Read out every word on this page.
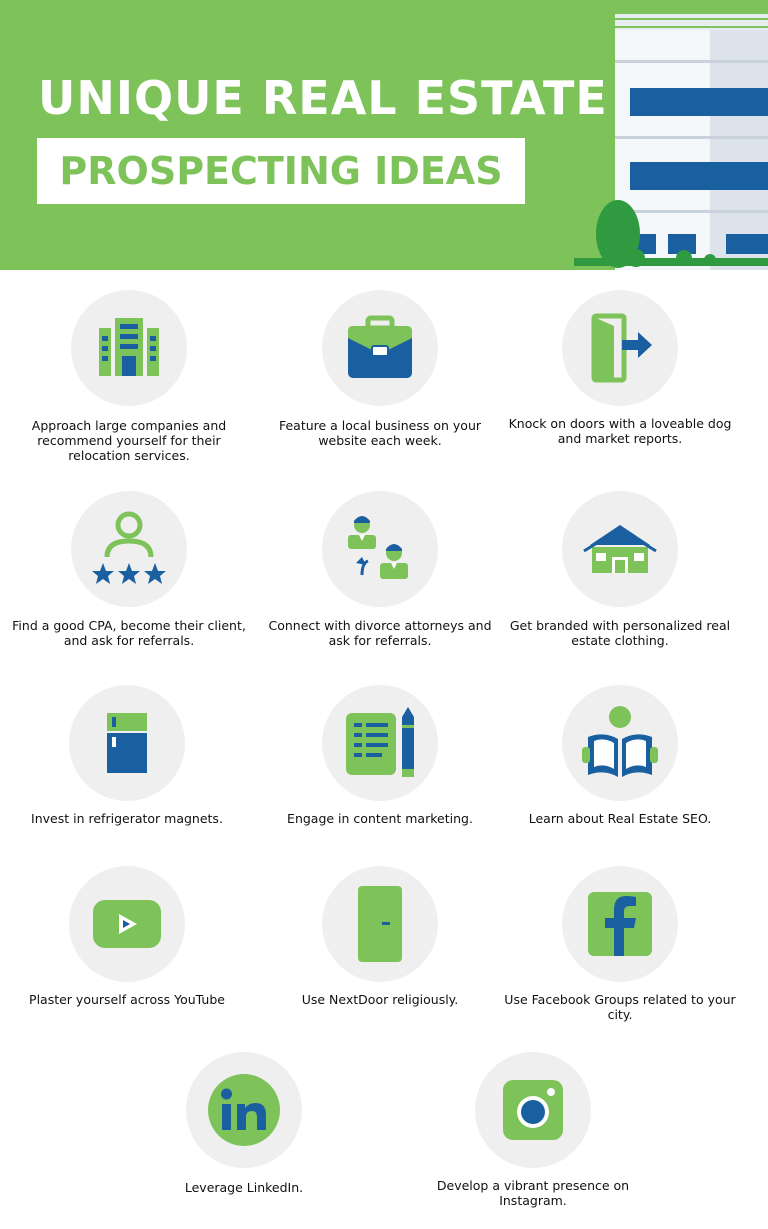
UNIQUE REAL ESTATE
PROSPECTING IDEAS

Approach large companies and recommend yourself for their relocation services.

Feature a local business on your website each week.

Knock on doors with a loveable dog and market reports.

Find a good CPA, become their client, and ask for referrals.

Connect with divorce attorneys and ask for referrals.

Get branded with personalized real estate clothing.

Invest in refrigerator magnets.	Engage in content marketing.	Learn about Real Estate SEO.

Plaster yourself across YouTube	Use NextDoor religiously.	Use Facebook Groups related to your city.

Leverage LinkedIn.	Develop a vibrant presence on Instagram.
